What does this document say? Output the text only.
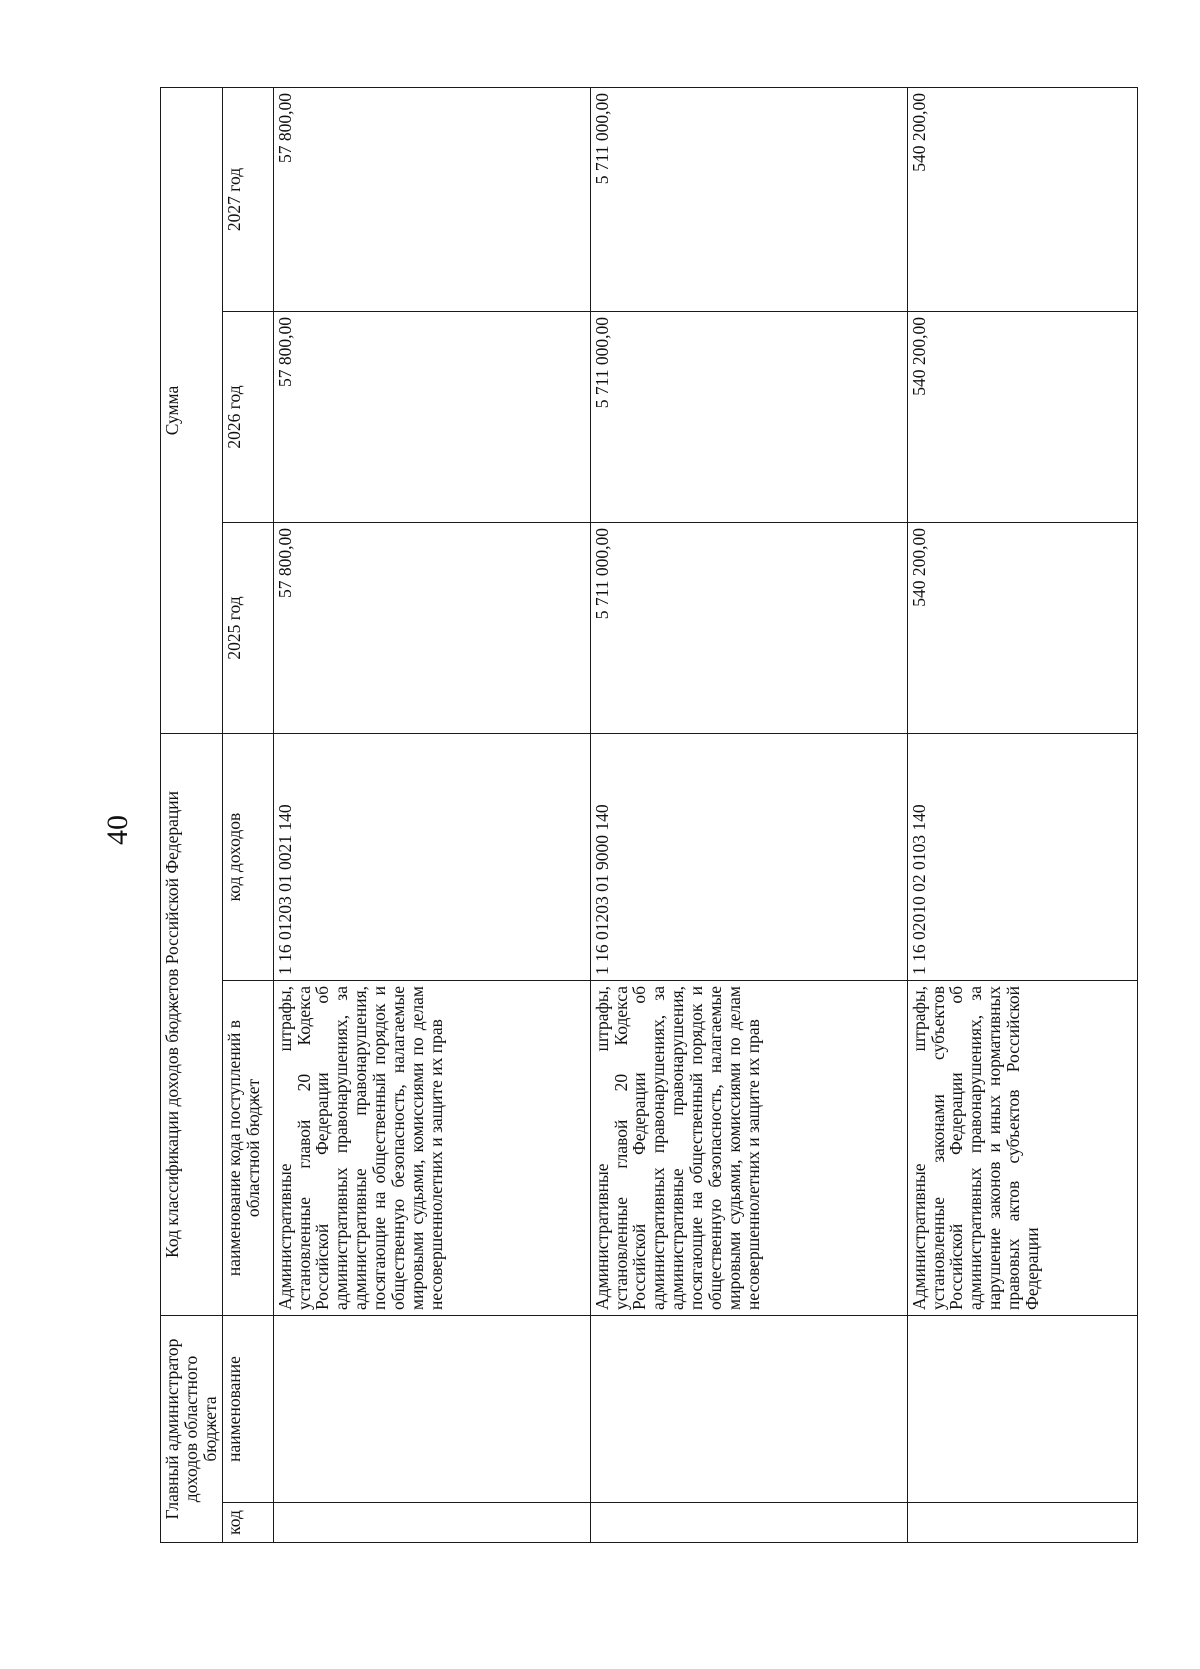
40
Главный администратор доходов областного бюджета		Код классификации доходов бюджетов Российской Федерации		Сумма		
код	наименование	наименование кода поступлений в областной бюджет	код доходов	2025 год	2026 год	2027 год
		Административные штрафы, установленные главой 20 Кодекса Российской Федерации об административных правонарушениях, за административные правонарушения, посягающие на общественный порядок и общественную безопасность, налагаемые мировыми судьями, комиссиями по делам несовершеннолетних и защите их прав	1 16 01203 01 0021 140	57 800,00	57 800,00	57 800,00
		Административные штрафы, установленные главой 20 Кодекса Российской Федерации об административных правонарушениях, за административные правонарушения, посягающие на общественный порядок и общественную безопасность, налагаемые мировыми судьями, комиссиями по делам несовершеннолетних и защите их прав	1 16 01203 01 9000 140	5 711 000,00	5 711 000,00	5 711 000,00
		Административные штрафы, установленные законами субъектов Российской Федерации об административных правонарушениях, за нарушение законов и иных нормативных правовых актов субъектов Российской Федерации	1 16 02010 02 0103 140	540 200,00	540 200,00	540 200,00
